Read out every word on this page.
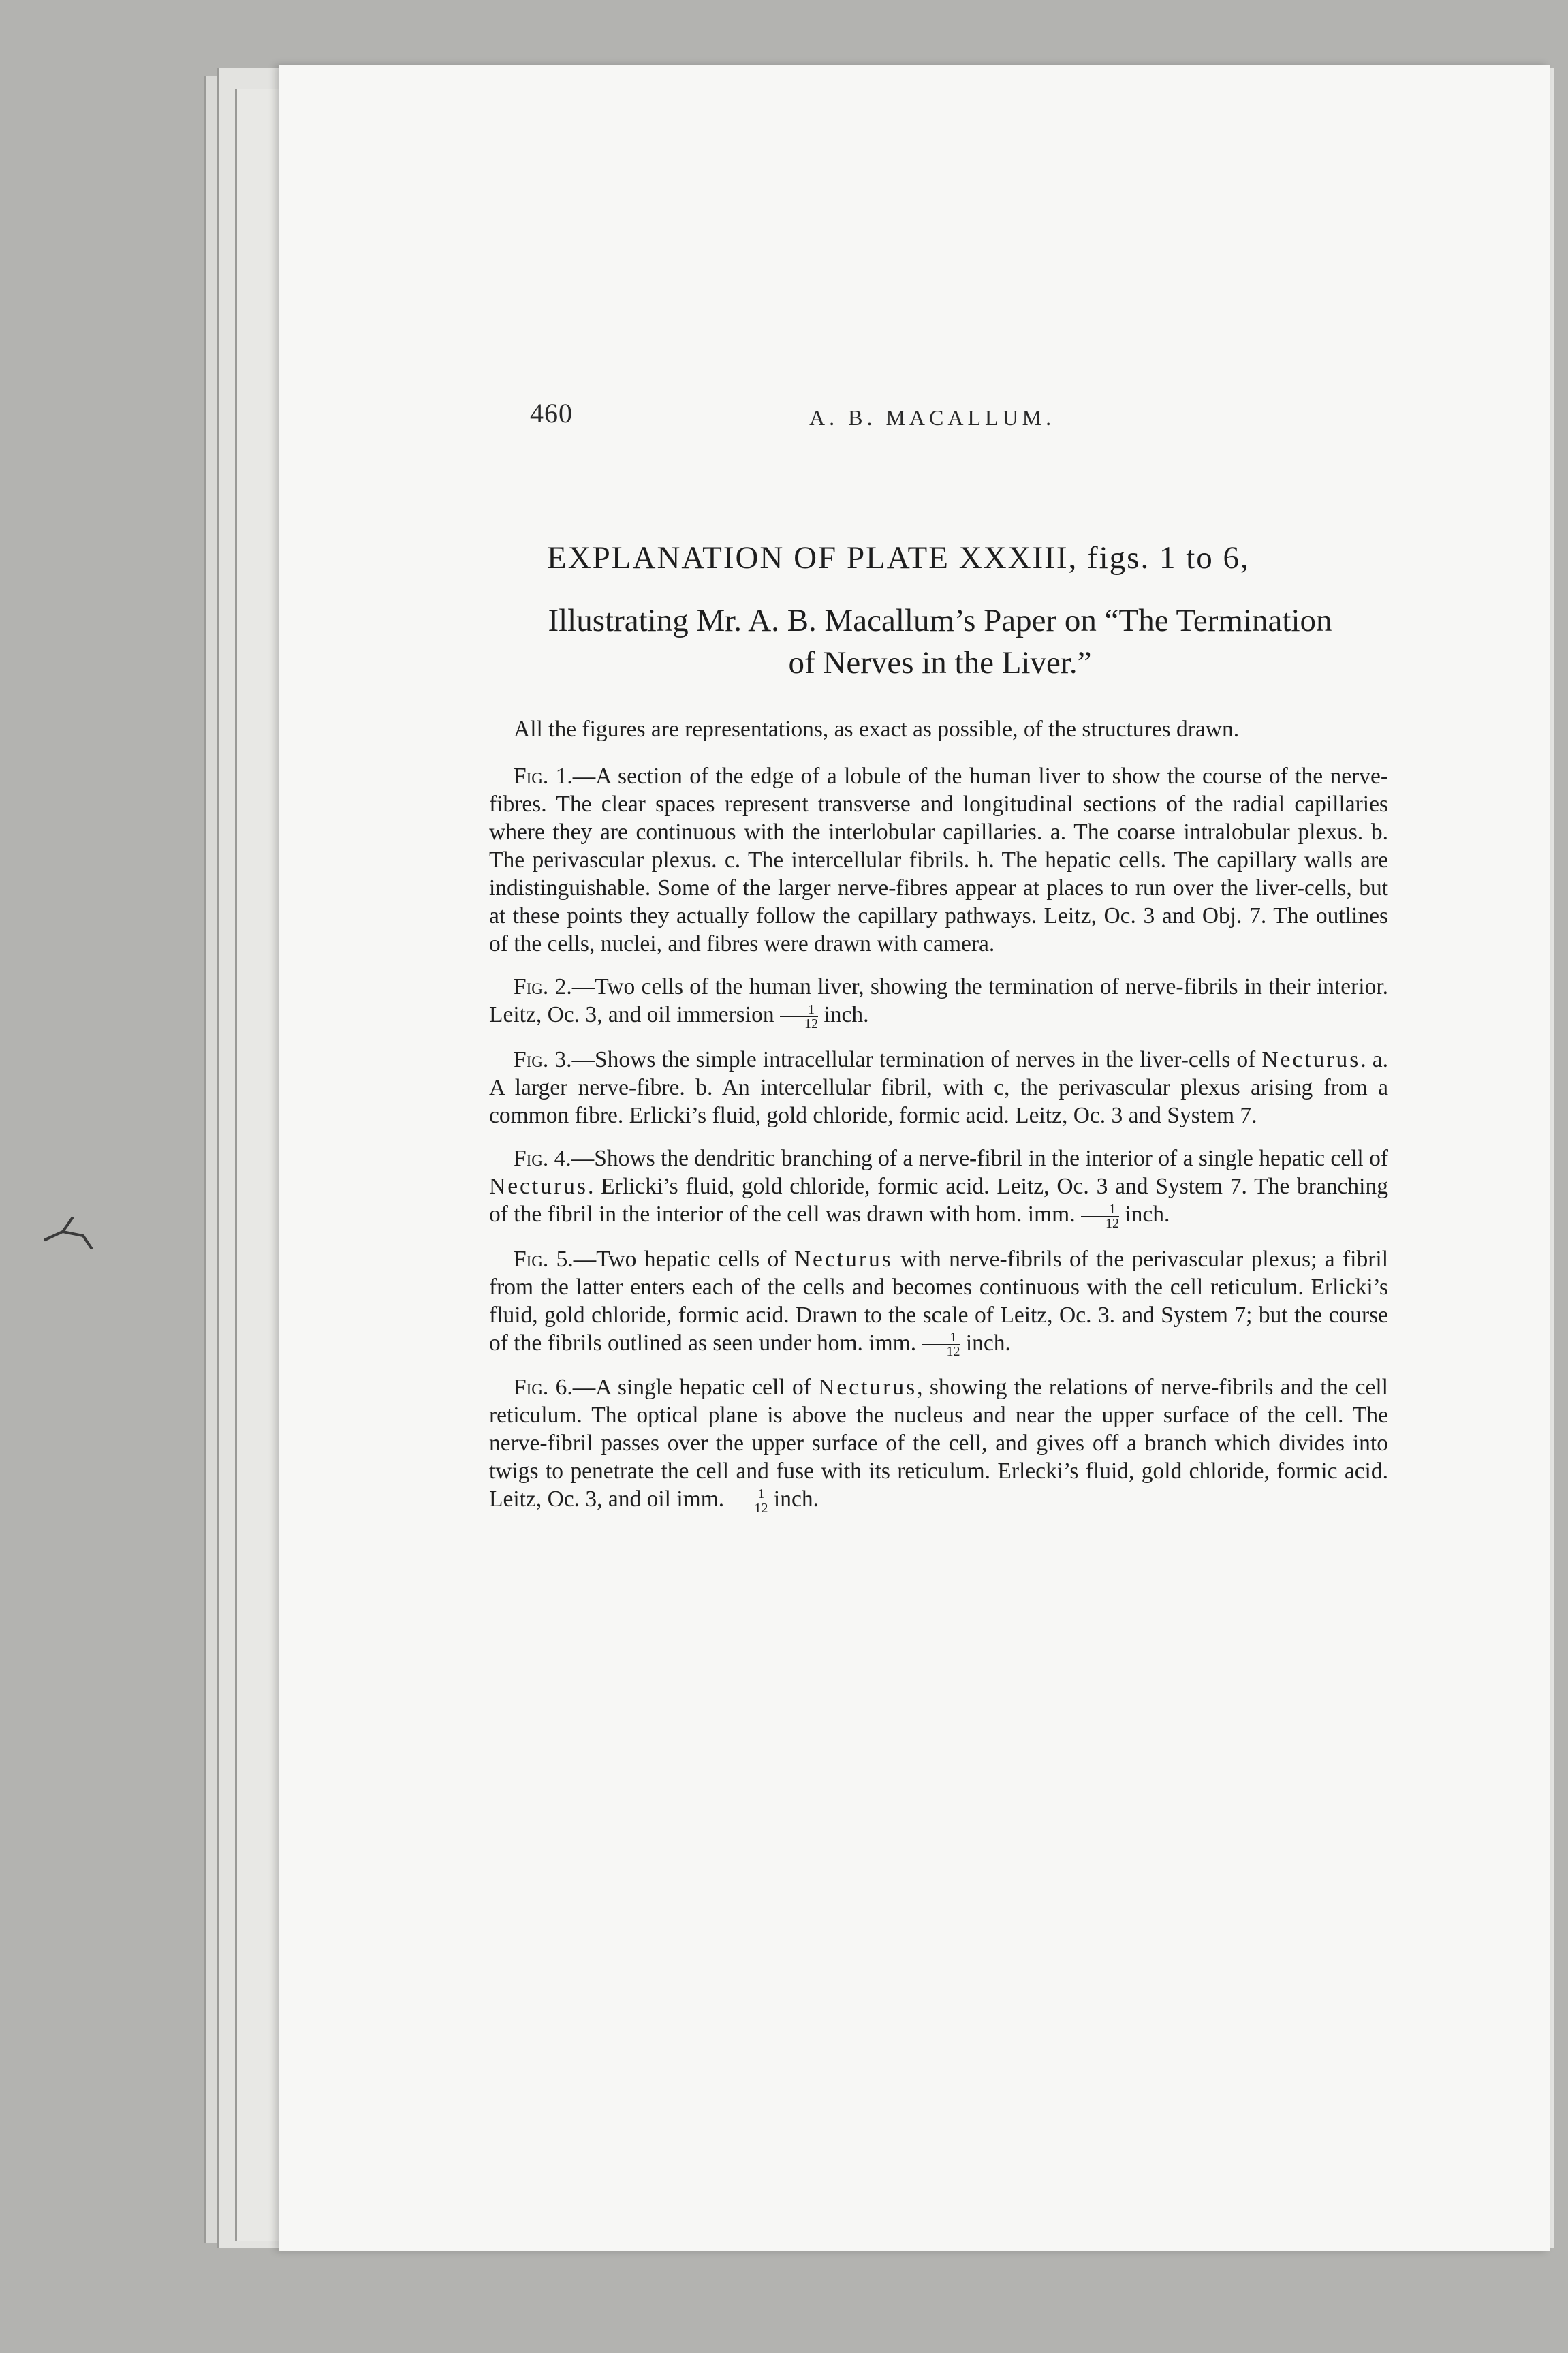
460	A. B. MACALLUM.
EXPLANATION OF PLATE XXXIII, figs. 1 to 6,
Illustrating Mr. A. B. Macallum’s Paper on “The Termination
of Nerves in the Liver.”

All the figures are representations, as exact as possible, of the structures drawn.

Fig. 1.—A section of the edge of a lobule of the human liver to show the course of the nerve-fibres. The clear spaces represent transverse and longitudinal sections of the radial capillaries where they are continuous with the interlobular capillaries. a. The coarse intralobular plexus. b. The perivascular plexus. c. The intercellular fibrils. h. The hepatic cells. The capillary walls are indistinguishable. Some of the larger nerve-fibres appear at places to run over the liver-cells, but at these points they actually follow the capillary pathways. Leitz, Oc. 3 and Obj. 7. The outlines of the cells, nuclei, and fibres were drawn with camera.

Fig. 2.—Two cells of the human liver, showing the termination of nerve-fibrils in their interior. Leitz, Oc. 3, and oil immersion $\frac{1}{12}$ inch.

Fig. 3.—Shows the simple intracellular termination of nerves in the liver-cells of Necturus. a. A larger nerve-fibre. b. An intercellular fibril, with c, the perivascular plexus arising from a common fibre. Erlicki’s fluid, gold chloride, formic acid. Leitz, Oc. 3 and System 7.

Fig. 4.—Shows the dendritic branching of a nerve-fibril in the interior of a single hepatic cell of Necturus. Erlicki’s fluid, gold chloride, formic acid. Leitz, Oc. 3 and System 7. The branching of the fibril in the interior of the cell was drawn with hom. imm. $\frac{1}{12}$ inch.

Fig. 5.—Two hepatic cells of Necturus with nerve-fibrils of the perivascular plexus; a fibril from the latter enters each of the cells and becomes continuous with the cell reticulum. Erlicki’s fluid, gold chloride, formic acid. Drawn to the scale of Leitz, Oc. 3. and System 7; but the course of the fibrils outlined as seen under hom. imm. $\frac{1}{12}$ inch.

Fig. 6.—A single hepatic cell of Necturus, showing the relations of nerve-fibrils and the cell reticulum. The optical plane is above the nucleus and near the upper surface of the cell. The nerve-fibril passes over the upper surface of the cell, and gives off a branch which divides into twigs to penetrate the cell and fuse with its reticulum. Erlecki’s fluid, gold chloride, formic acid. Leitz, Oc. 3, and oil imm. $\frac{1}{12}$ inch.
